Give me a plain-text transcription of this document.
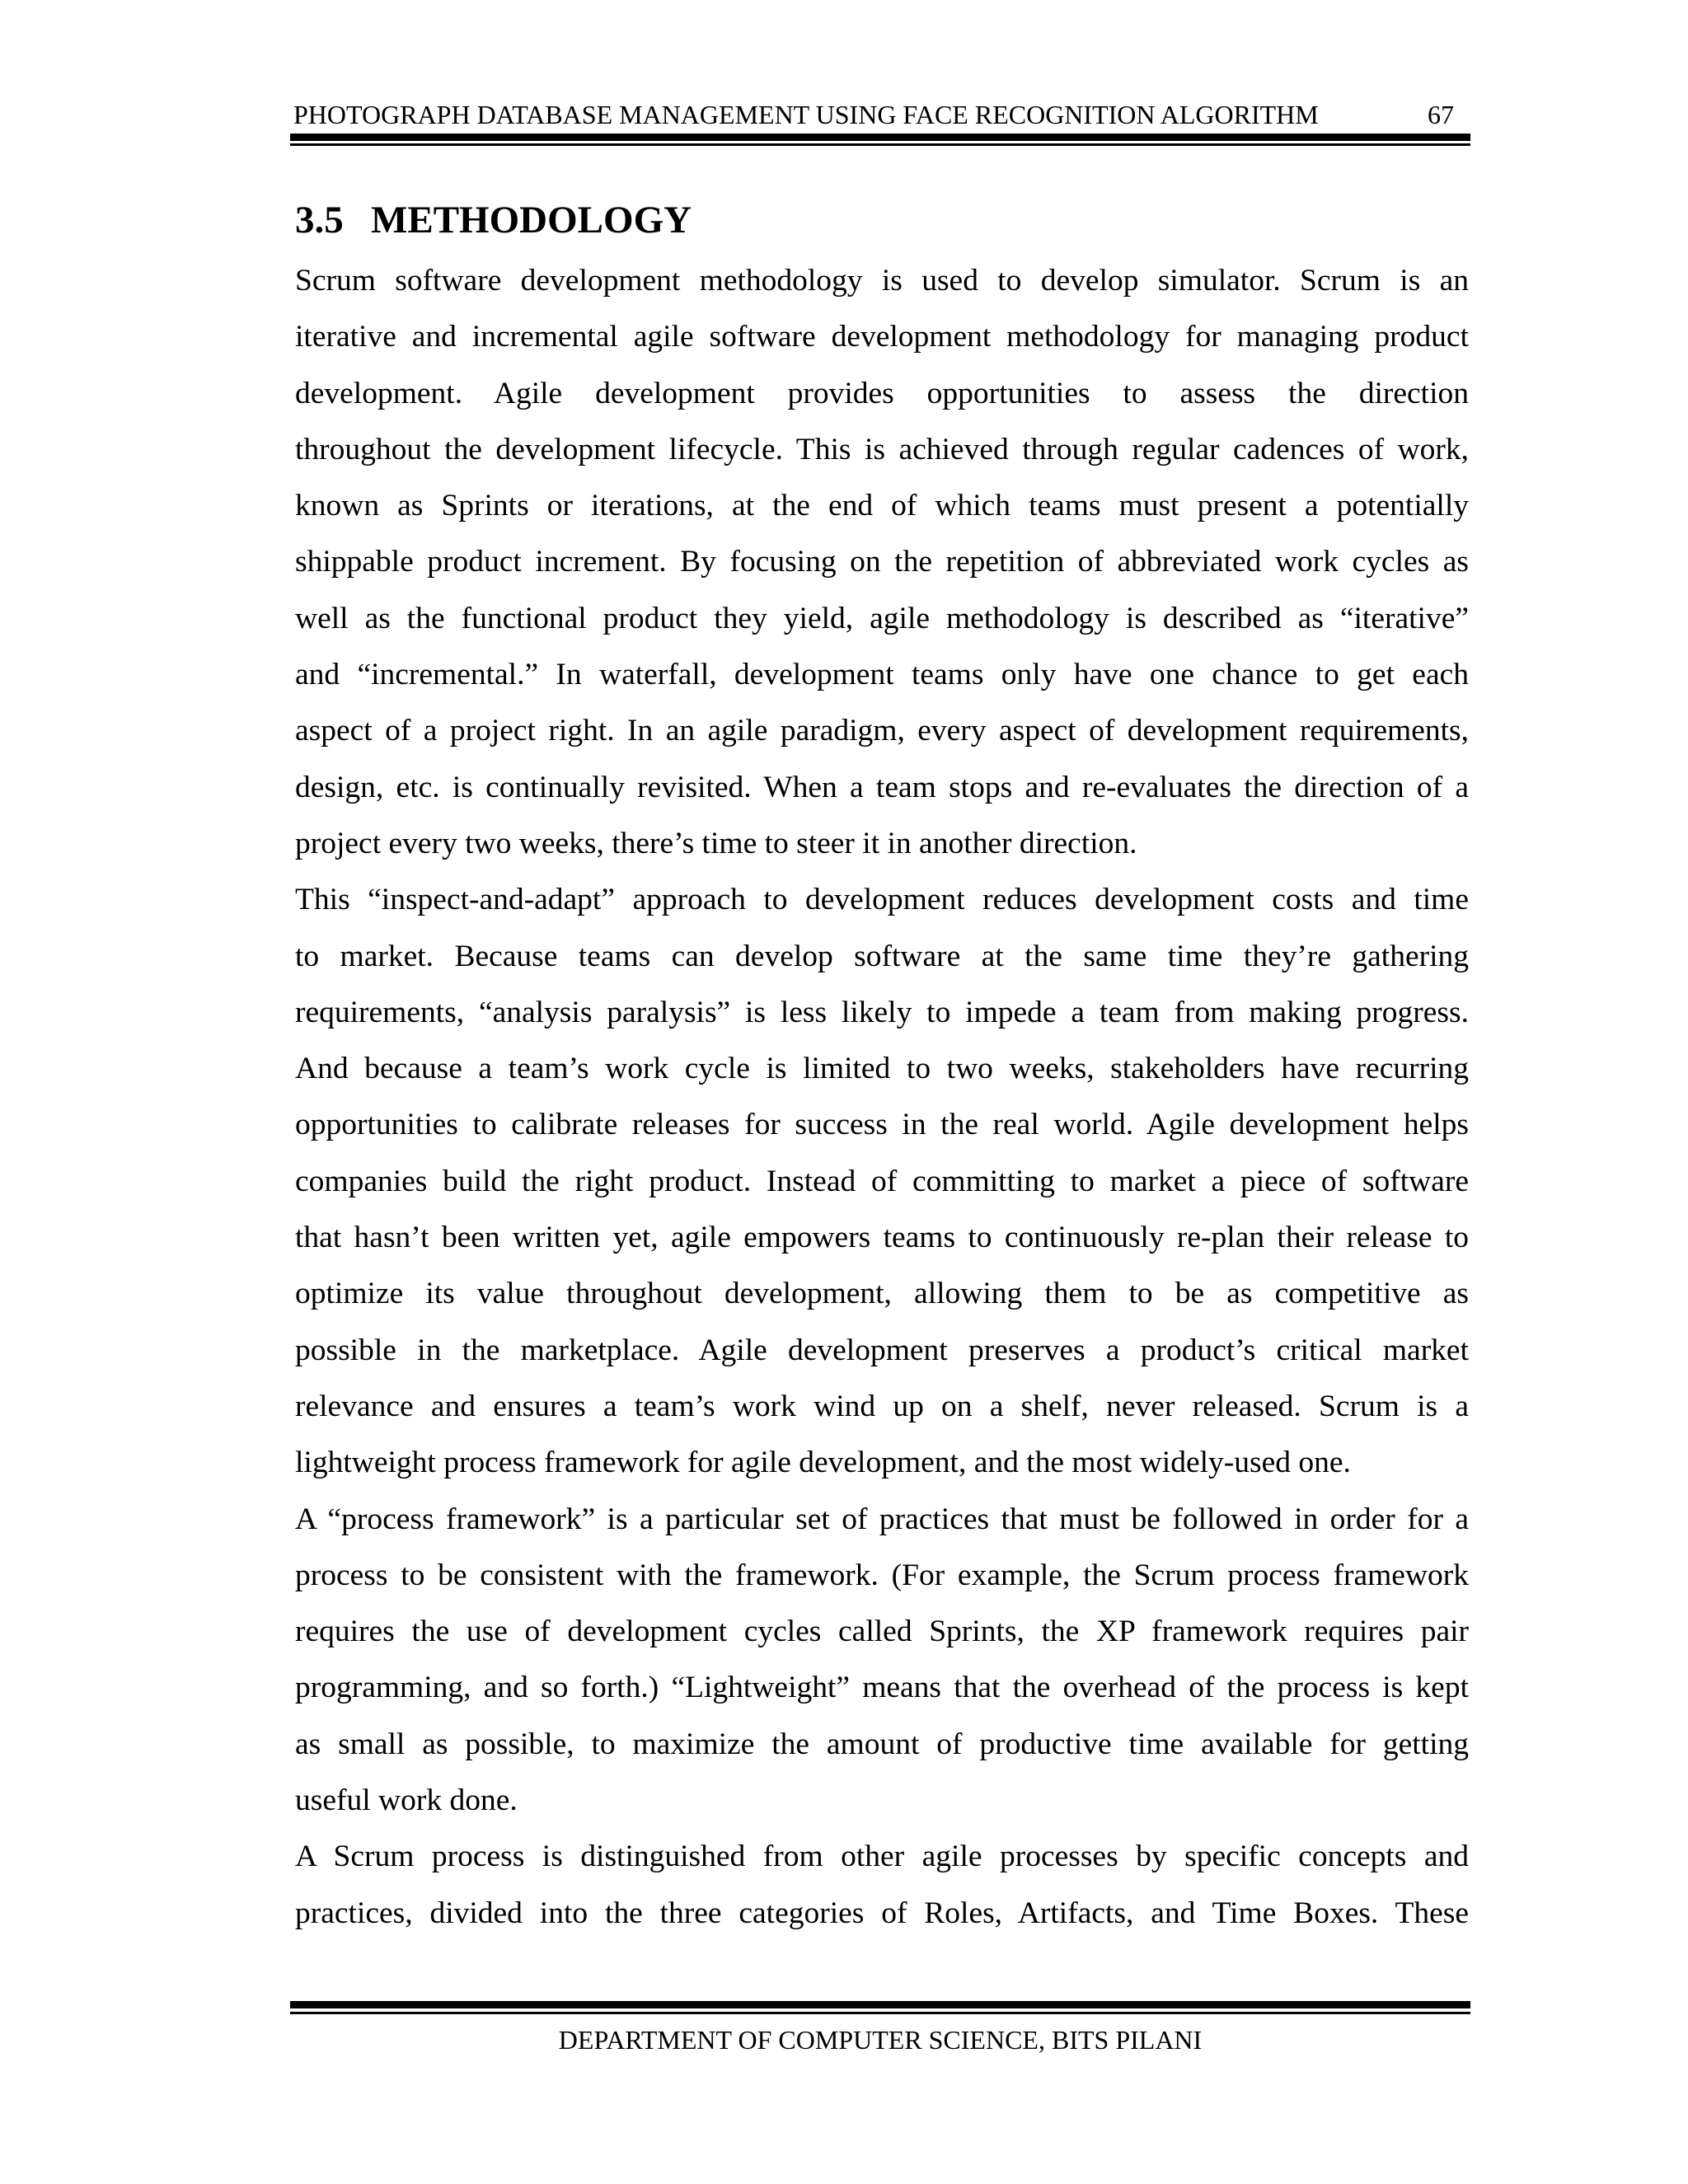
PHOTOGRAPH DATABASE MANAGEMENT USING FACE RECOGNITION ALGORITHM	67
3.5 METHODOLOGY
Scrum software development methodology is used to develop simulator. Scrum is an
iterative and incremental agile software development methodology for managing product
development. Agile development provides opportunities to assess the direction
throughout the development lifecycle. This is achieved through regular cadences of work,
known as Sprints or iterations, at the end of which teams must present a potentially
shippable product increment. By focusing on the repetition of abbreviated work cycles as
well as the functional product they yield, agile methodology is described as “iterative”
and “incremental.” In waterfall, development teams only have one chance to get each
aspect of a project right. In an agile paradigm, every aspect of development requirements,
design, etc. is continually revisited. When a team stops and re-evaluates the direction of a
project every two weeks, there’s time to steer it in another direction.
This “inspect-and-adapt” approach to development reduces development costs and time
to market. Because teams can develop software at the same time they’re gathering
requirements, “analysis paralysis” is less likely to impede a team from making progress.
And because a team’s work cycle is limited to two weeks, stakeholders have recurring
opportunities to calibrate releases for success in the real world. Agile development helps
companies build the right product. Instead of committing to market a piece of software
that hasn’t been written yet, agile empowers teams to continuously re-plan their release to
optimize its value throughout development, allowing them to be as competitive as
possible in the marketplace. Agile development preserves a product’s critical market
relevance and ensures a team’s work wind up on a shelf, never released. Scrum is a
lightweight process framework for agile development, and the most widely-used one.
A “process framework” is a particular set of practices that must be followed in order for a
process to be consistent with the framework. (For example, the Scrum process framework
requires the use of development cycles called Sprints, the XP framework requires pair
programming, and so forth.) “Lightweight” means that the overhead of the process is kept
as small as possible, to maximize the amount of productive time available for getting
useful work done.
A Scrum process is distinguished from other agile processes by specific concepts and
practices, divided into the three categories of Roles, Artifacts, and Time Boxes. These
DEPARTMENT OF COMPUTER SCIENCE, BITS PILANI
